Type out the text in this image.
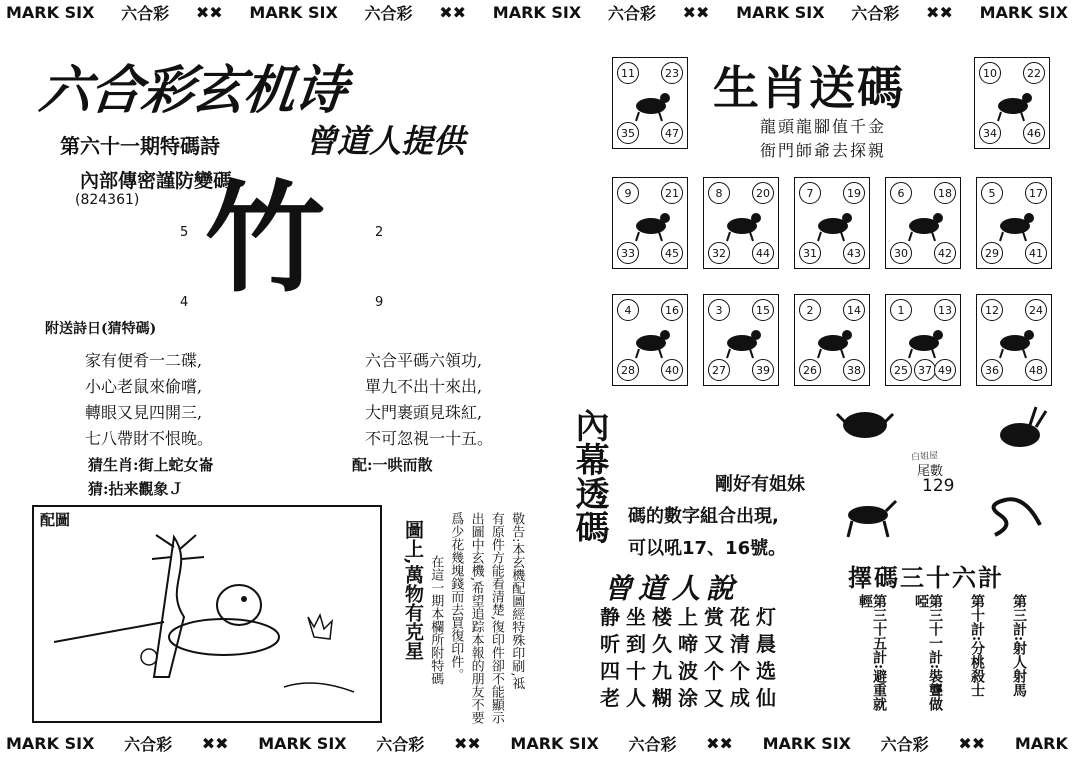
MARK SIX 六合彩 ✖✖ MARK SIX 六合彩 ✖✖ MARK SIX 六合彩 ✖✖ MARK SIX 六合彩 ✖✖ MARK SIX
六合彩玄机诗
曾道人提供
第六十一期特碼詩
內部傳密謹防變碼
(824361)
5	2
4	9
竹
附送詩日(猜特碼)
家有便肴一二碟,
小心老鼠來偷嚐,
轉眼又見四開三,
七八帶財不恨晚。
六合平碼六領功,
單九不出十來出,
大門裹頭見珠紅,
不可忽視一十五。
猜生肖:街上蛇女崙	配:一哄而散
猜:拈来觀象Ｊ
配圖	圖上,萬物有克星 在這一期本欄所附特碼	敬告:本玄機配圖經特殊印刷,祗
有原件方能看清楚,復印件卻不能顯示
出圖中玄機,希望追踪本報的朋友不要
爲少花幾塊錢而去買復印件。
生肖送碼
龍頭龍腳值千金
衙門師爺去探親
11	23
35	47
10	22
34	46
9	21
33	45
8	20
32	44
7	19
31	43
6	18
30	42
5	17
29	41
4	16
28	40
3	15
27	39
2	14
26	38
1	13
25 37 49
12	24
36	48
內幕透碼	剛好有姐妹
碼的數字組合出現,
可以吼17、16號。
曾道人說
静坐楼上赏花灯
听到久啼又清晨
四十九波个个选
老人糊涂又成仙
白姐屋
尾數
129
擇碼三十六計
第三計:射人射馬
第十計:分桃殺士
第三十一計:裝聾做啞
第三十五計:避重就輕
MARK SIX 六合彩 ✖✖ MARK SIX 六合彩 ✖✖ MARK SIX 六合彩 ✖✖ MARK SIX 六合彩 ✖✖ MARK
